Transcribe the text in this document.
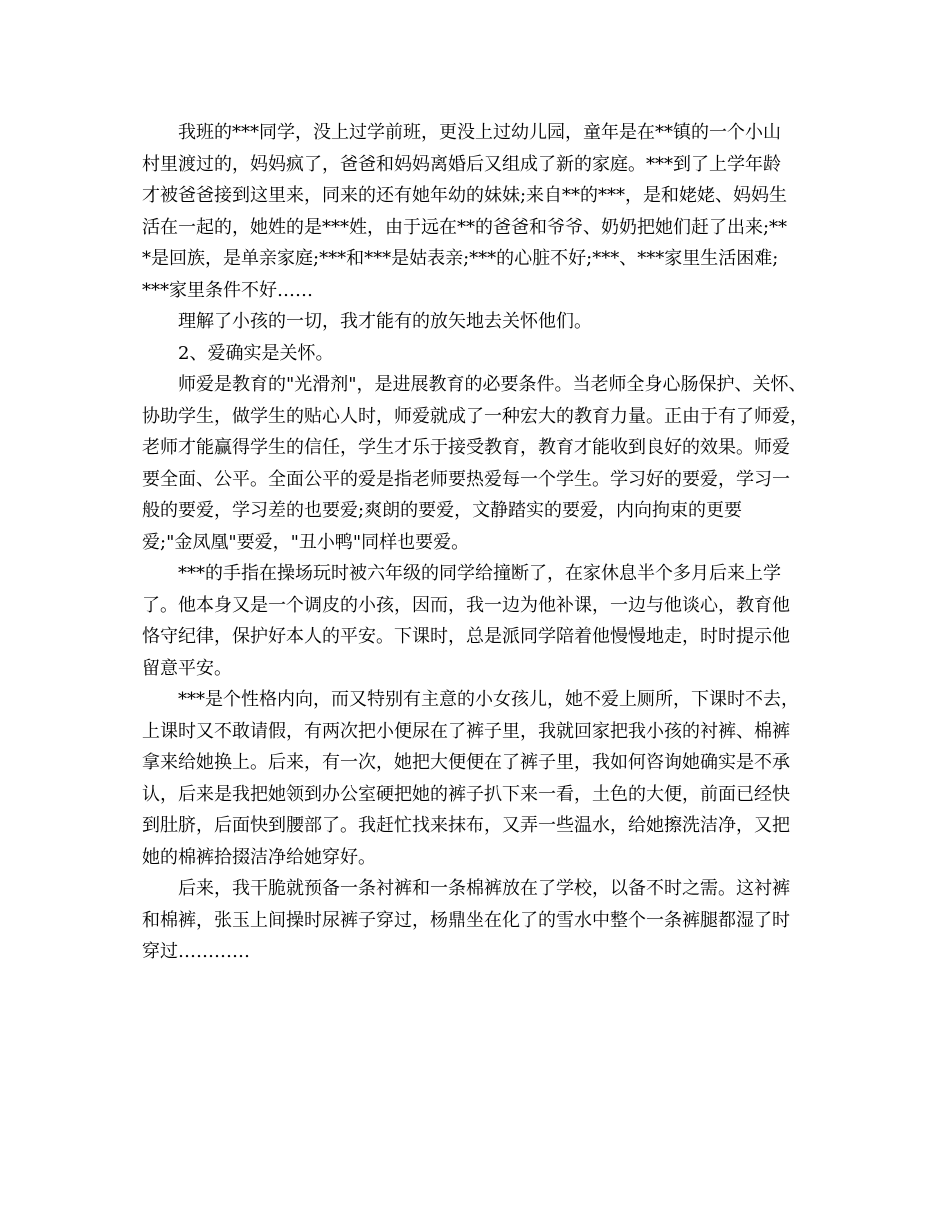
我班的***同学，没上过学前班，更没上过幼儿园，童年是在**镇的一个小山
村里渡过的，妈妈疯了，爸爸和妈妈离婚后又组成了新的家庭。***到了上学年龄
才被爸爸接到这里来，同来的还有她年幼的妹妹;来自**的***，是和姥姥、妈妈生
活在一起的，她姓的是***姓，由于远在**的爸爸和爷爷、奶奶把她们赶了出来;**
*是回族，是单亲家庭;***和***是姑表亲;***的心脏不好;***、***家里生活困难;
***家里条件不好……
理解了小孩的一切，我才能有的放矢地去关怀他们。
2、爱确实是关怀。
师爱是教育的"光滑剂"，是进展教育的必要条件。当老师全身心肠保护、关怀、
协助学生，做学生的贴心人时，师爱就成了一种宏大的教育力量。正由于有了师爱，
老师才能赢得学生的信任，学生才乐于接受教育，教育才能收到良好的效果。师爱
要全面、公平。全面公平的爱是指老师要热爱每一个学生。学习好的要爱，学习一
般的要爱，学习差的也要爱;爽朗的要爱，文静踏实的要爱，内向拘束的更要
爱;"金凤凰"要爱，"丑小鸭"同样也要爱。
***的手指在操场玩时被六年级的同学给撞断了，在家休息半个多月后来上学
了。他本身又是一个调皮的小孩，因而，我一边为他补课，一边与他谈心，教育他
恪守纪律，保护好本人的平安。下课时，总是派同学陪着他慢慢地走，时时提示他
留意平安。
***是个性格内向，而又特别有主意的小女孩儿，她不爱上厕所，下课时不去，
上课时又不敢请假，有两次把小便尿在了裤子里，我就回家把我小孩的衬裤、棉裤
拿来给她换上。后来，有一次，她把大便便在了裤子里，我如何咨询她确实是不承
认，后来是我把她领到办公室硬把她的裤子扒下来一看，土色的大便，前面已经快
到肚脐，后面快到腰部了。我赶忙找来抹布，又弄一些温水，给她擦洗洁净，又把
她的棉裤拾掇洁净给她穿好。
后来，我干脆就预备一条衬裤和一条棉裤放在了学校，以备不时之需。这衬裤
和棉裤，张玉上间操时尿裤子穿过，杨鼎坐在化了的雪水中整个一条裤腿都湿了时
穿过…………
